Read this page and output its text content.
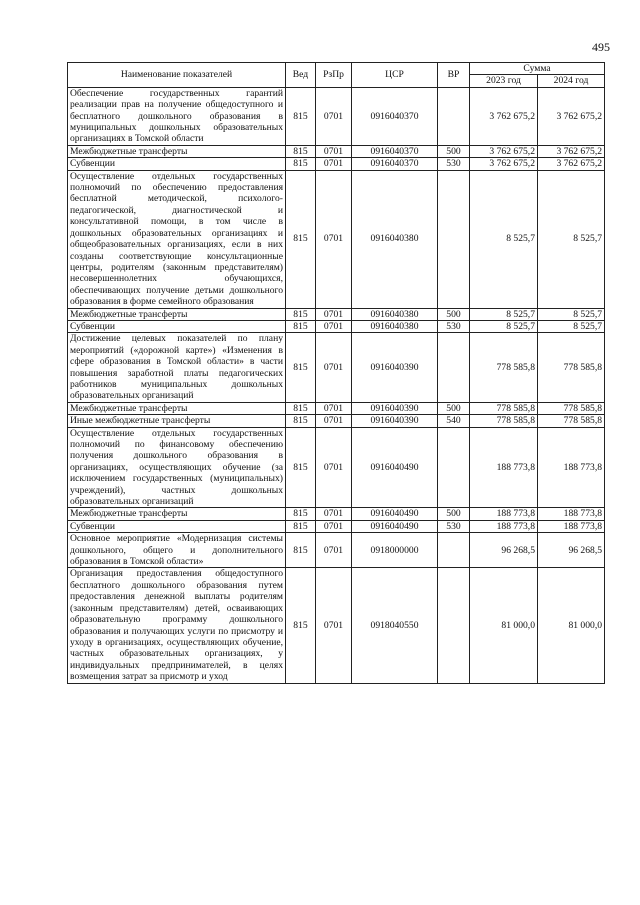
495
Наименование показателей	Вед	РзПр	ЦСР	ВР	Сумма	
					2023 год	2024 год
Обеспечение государственных гарантий реализации прав на получение общедоступного и бесплатного дошкольного образования в муниципальных дошкольных образовательных организациях в Томской области	815	0701	0916040370		3 762 675,2	3 762 675,2
Межбюджетные трансферты	815	0701	0916040370	500	3 762 675,2	3 762 675,2
Субвенции	815	0701	0916040370	530	3 762 675,2	3 762 675,2
Осуществление отдельных государственных полномочий по обеспечению предоставления бесплатной методической, психолого-педагогической, диагностической и консультативной помощи, в том числе в дошкольных образовательных организациях и общеобразовательных организациях, если в них созданы соответствующие консультационные центры, родителям (законным представителям) несовершеннолетних обучающихся, обеспечивающих получение детьми дошкольного образования в форме семейного образования	815	0701	0916040380		8 525,7	8 525,7
Межбюджетные трансферты	815	0701	0916040380	500	8 525,7	8 525,7
Субвенции	815	0701	0916040380	530	8 525,7	8 525,7
Достижение целевых показателей по плану мероприятий («дорожной карте») «Изменения в сфере образования в Томской области» в части повышения заработной платы педагогических работников муниципальных дошкольных образовательных организаций	815	0701	0916040390		778 585,8	778 585,8
Межбюджетные трансферты	815	0701	0916040390	500	778 585,8	778 585,8
Иные межбюджетные трансферты	815	0701	0916040390	540	778 585,8	778 585,8
Осуществление отдельных государственных полномочий по финансовому обеспечению получения дошкольного образования в организациях, осуществляющих обучение (за исключением государственных (муниципальных) учреждений), частных дошкольных образовательных организаций	815	0701	0916040490		188 773,8	188 773,8
Межбюджетные трансферты	815	0701	0916040490	500	188 773,8	188 773,8
Субвенции	815	0701	0916040490	530	188 773,8	188 773,8
Основное мероприятие «Модернизация системы дошкольного, общего и дополнительного образования в Томской области»	815	0701	0918000000		96 268,5	96 268,5
Организация предоставления общедоступного бесплатного дошкольного образования путем предоставления денежной выплаты родителям (законным представителям) детей, осваивающих образовательную программу дошкольного образования и получающих услуги по присмотру и уходу в организациях, осуществляющих обучение, частных образовательных организациях, у индивидуальных предпринимателей, в целях возмещения затрат за присмотр и уход	815	0701	0918040550		81 000,0	81 000,0
